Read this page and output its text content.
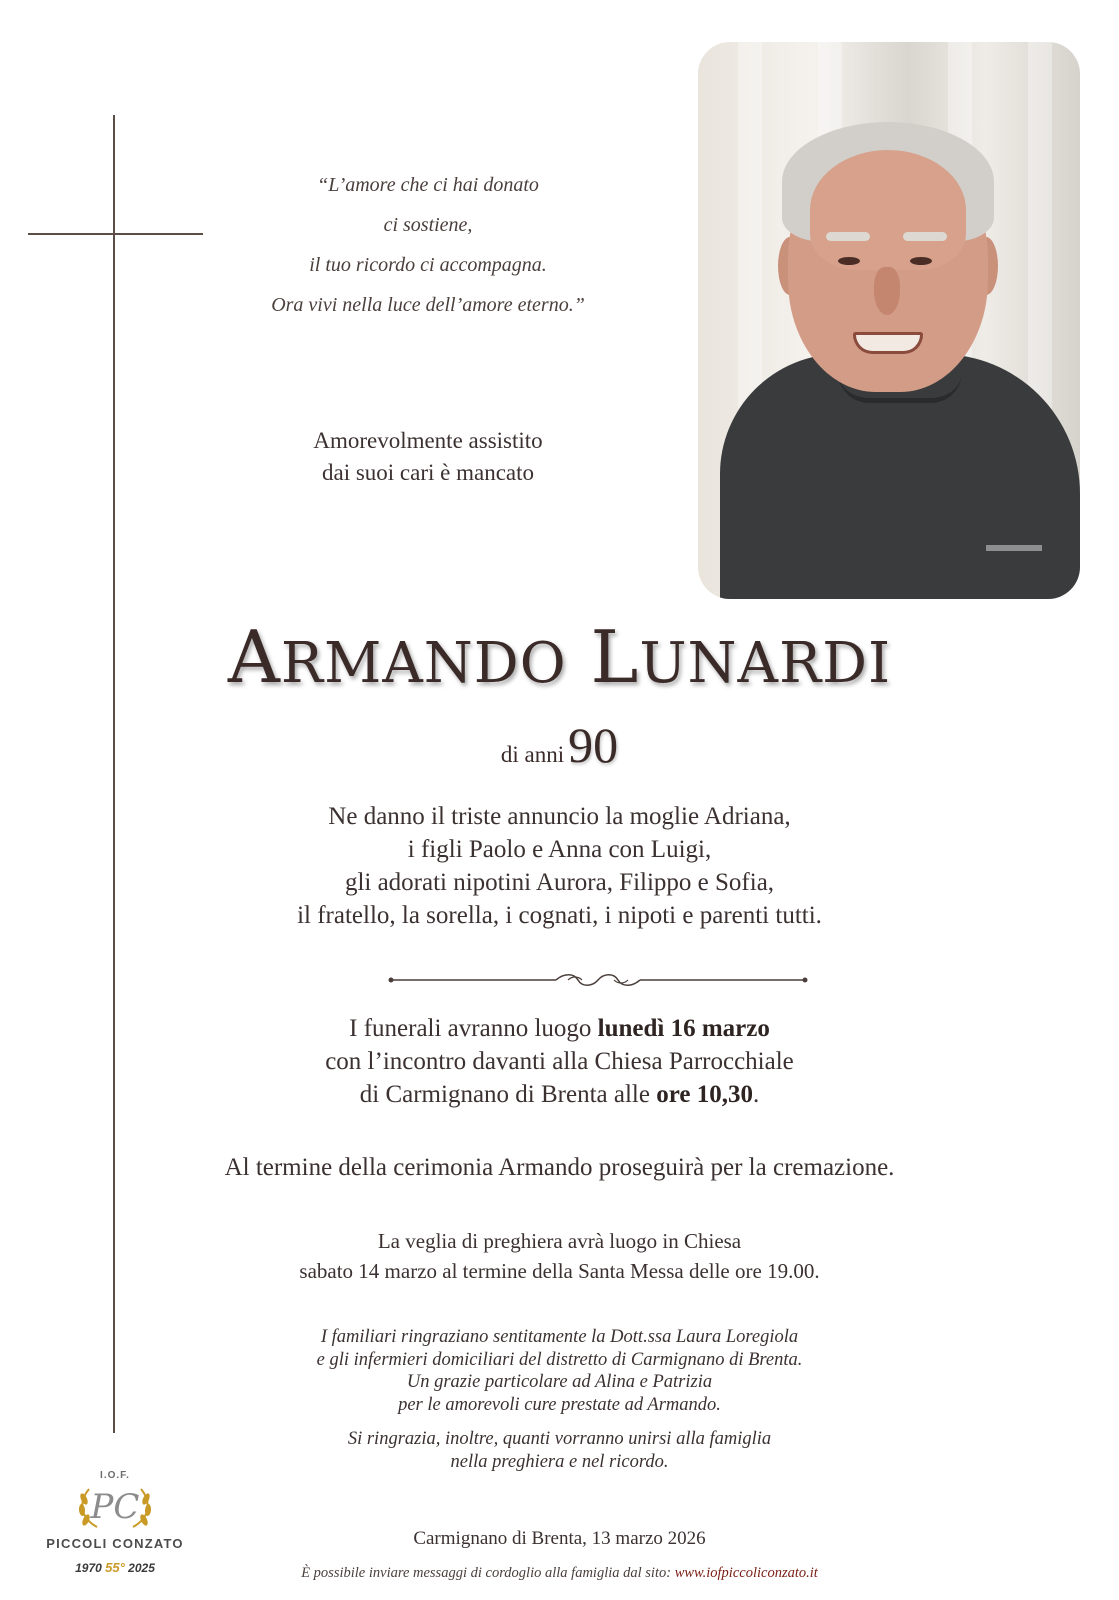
“L’amore che ci hai donato
ci sostiene,
il tuo ricordo ci accompagna.
Ora vivi nella luce dell’amore eterno.”
Amorevolmente assistito
dai suoi cari è mancato
ARMANDO LUNARDI
di anni 90
Ne danno il triste annuncio la moglie Adriana,
i figli Paolo e Anna con Luigi,
gli adorati nipotini Aurora, Filippo e Sofia,
il fratello, la sorella, i cognati, i nipoti e parenti tutti.
I funerali avranno luogo lunedì 16 marzo
con l’incontro davanti alla Chiesa Parrocchiale
di Carmignano di Brenta alle ore 10,30.
Al termine della cerimonia Armando proseguirà per la cremazione.
La veglia di preghiera avrà luogo in Chiesa
sabato 14 marzo al termine della Santa Messa delle ore 19.00.
I familiari ringraziano sentitamente la Dott.ssa Laura Loregiola
e gli infermieri domiciliari del distretto di Carmignano di Brenta.
Un grazie particolare ad Alina e Patrizia
per le amorevoli cure prestate ad Armando.
Si ringrazia, inoltre, quanti vorranno unirsi alla famiglia
nella preghiera e nel ricordo.
I.O.F.
PC
PICCOLI CONZATO
1970 55° 2025
Carmignano di Brenta, 13 marzo 2026
È possibile inviare messaggi di cordoglio alla famiglia dal sito: www.iofpiccoliconzato.it
